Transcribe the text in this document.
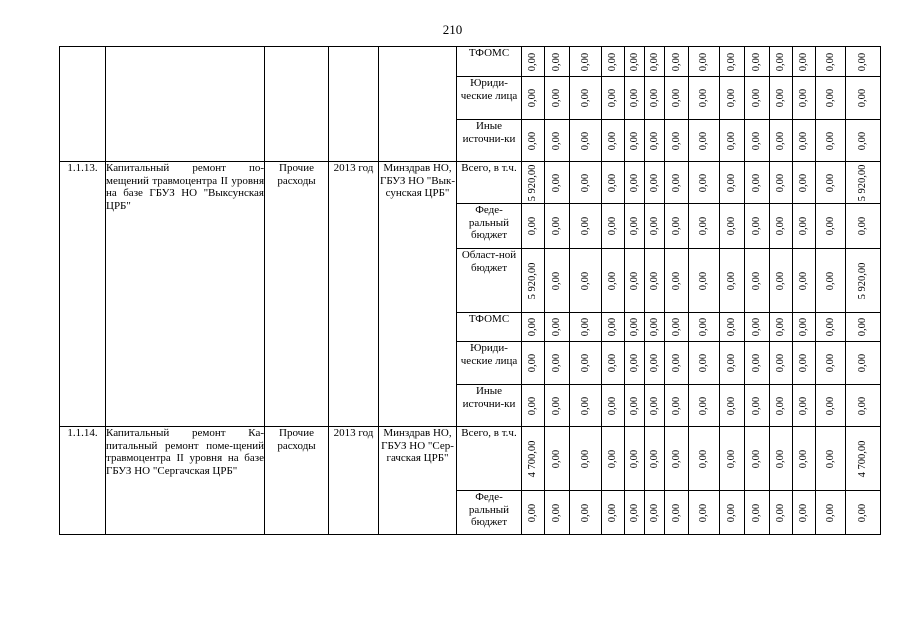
210
					ТФОМС	0,00	0,00	0,00	0,00	0,00	0,00	0,00	0,00	0,00	0,00	0,00	0,00	0,00	0,00

					Юриди-ческие лица	0,00	0,00	0,00	0,00	0,00	0,00	0,00	0,00	0,00	0,00	0,00	0,00	0,00	0,00

					Иные источни-ки	0,00	0,00	0,00	0,00	0,00	0,00	0,00	0,00	0,00	0,00	0,00	0,00	0,00	0,00

1.1.13.	Капитальный ремонт по-мещений травмоцентра II уровня на базе ГБУЗ НО "Выксунская ЦРБ"	Прочие расходы	2013 год	Минздрав НО, ГБУЗ НО "Вык-сунская ЦРБ"	Всего, в т.ч.	5 920,00	0,00	0,00	0,00	0,00	0,00	0,00	0,00	0,00	0,00	0,00	0,00	0,00	5 920,00

					Феде-ральный бюджет	0,00	0,00	0,00	0,00	0,00	0,00	0,00	0,00	0,00	0,00	0,00	0,00	0,00	0,00

					Област-ной бюджет	5 920,00	0,00	0,00	0,00	0,00	0,00	0,00	0,00	0,00	0,00	0,00	0,00	0,00	5 920,00

					ТФОМС	0,00	0,00	0,00	0,00	0,00	0,00	0,00	0,00	0,00	0,00	0,00	0,00	0,00	0,00

					Юриди-ческие лица	0,00	0,00	0,00	0,00	0,00	0,00	0,00	0,00	0,00	0,00	0,00	0,00	0,00	0,00

					Иные источни-ки	0,00	0,00	0,00	0,00	0,00	0,00	0,00	0,00	0,00	0,00	0,00	0,00	0,00	0,00

1.1.14.	Капитальный ремонт Ка-питальный ремонт поме-щений травмоцентра II уровня на базе ГБУЗ НО "Сергачская ЦРБ"	Прочие расходы	2013 год	Минздрав НО, ГБУЗ НО "Сер-гачская ЦРБ"	Всего, в т.ч.	4 700,00	0,00	0,00	0,00	0,00	0,00	0,00	0,00	0,00	0,00	0,00	0,00	0,00	4 700,00

					Феде-ральный бюджет	0,00	0,00	0,00	0,00	0,00	0,00	0,00	0,00	0,00	0,00	0,00	0,00	0,00	0,00
